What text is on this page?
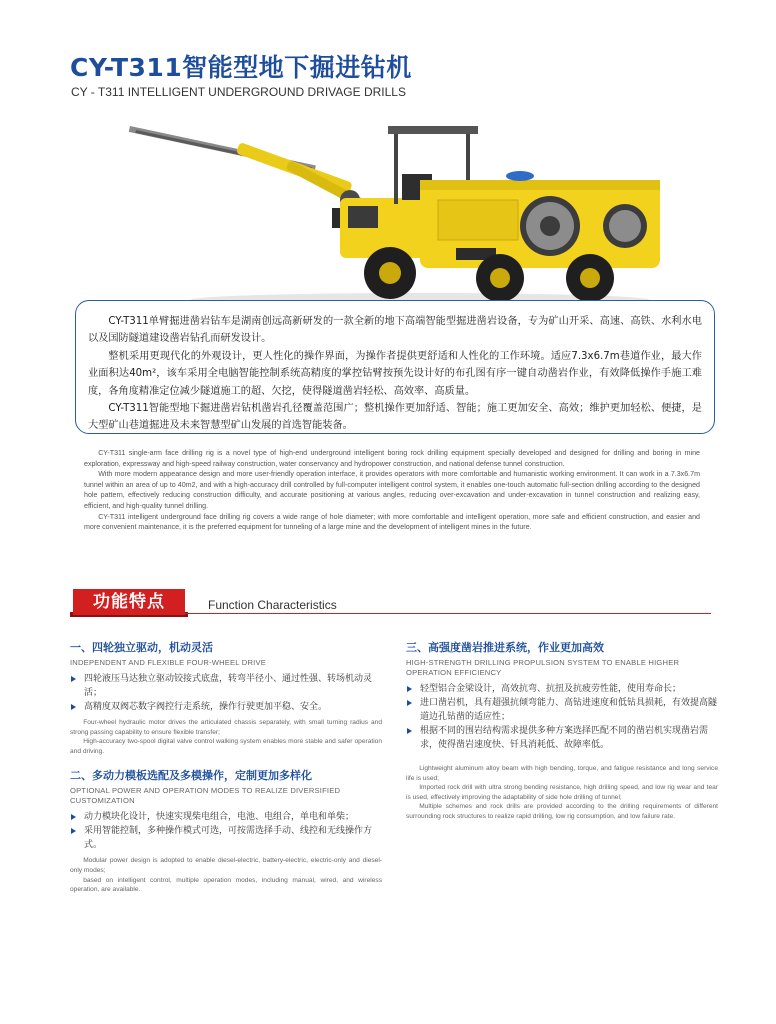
CY-T311智能型地下掘进钻机
CY - T311 INTELLIGENT UNDERGROUND DRIVAGE DRILLS

CY-T311单臂掘进凿岩钻车是湖南创远高新研发的一款全新的地下高端智能型掘进凿岩设备，专为矿山开采、高速、高铁、水利水电以及国防隧道建设凿岩钻孔而研发设计。

整机采用更现代化的外观设计，更人性化的操作界面，为操作者提供更舒适和人性化的工作环境。适应7.3x6.7m巷道作业，最大作业面积达40m²，该车采用全电脑智能控制系统高精度的掌控钻臂按预先设计好的布孔图有序一键自动凿岩作业，有效降低操作手施工难度，各角度精准定位减少隧道施工的超、欠挖，使得隧道凿岩轻松、高效率、高质量。

CY-T311智能型地下掘进凿岩钻机凿岩孔径覆盖范围广；整机操作更加舒适、智能；施工更加安全、高效；维护更加轻松、便捷，是大型矿山巷道掘进及未来智慧型矿山发展的首选智能装备。

CY-T311 single-arm face drilling rig is a novel type of high-end underground intelligent boring rock drilling equipment specially developed and designed for drilling and boring in mine exploration, expressway and high-speed railway construction, water conservancy and hydropower construction, and national defense tunnel construction.

With more modern appearance design and more user-friendly operation interface, it provides operators with more comfortable and humanistic working environment. It can work in a 7.3x6.7m tunnel within an area of up to 40m2, and with a high-accuracy drill controlled by full-computer intelligent control system, it enables one-touch automatic full-section drilling according to the designed hole pattern, effectively reducing construction difficulty, and accurate positioning at various angles, reducing over-excavation and under-excavation in tunnel construction and realizing easy, efficient, and high-quality tunnel drilling.

CY-T311 intelligent underground face drilling rig covers a wide range of hole diameter; with more comfortable and intelligent operation, more safe and efficient construction, and easier and more convenient maintenance, it is the preferred equipment for tunneling of a large mine and the development of intelligent mines in the future.

功能特点	Function Characteristics
一、四轮独立驱动，机动灵活
INDEPENDENT AND FLEXIBLE FOUR-WHEEL DRIVE
四轮液压马达独立驱动铰接式底盘，转弯半径小、通过性强、转场机动灵活；
高精度双阀芯数字阀控行走系统，操作行驶更加平稳、安全。

Four-wheel hydraulic motor drives the articulated chassis separately, with small turning radius and strong passing capability to ensure flexible transfer;

High-accuracy two-spool digital valve control walking system enables more stable and safer operation and driving.

二、多动力模板选配及多模操作，定制更加多样化
OPTIONAL POWER AND OPERATION MODES TO REALIZE DIVERSIFIED CUSTOMIZATION
动力模块化设计，快速实现柴电组合，电池、电组合，单电和单柴；
采用智能控制，多种操作模式可选，可按需选择手动、线控和无线操作方式。

Modular power design is adopted to enable diesel-electric, battery-electric, electric-only and diesel-only modes;

based on intelligent control, multiple operation modes, including manual, wired, and wireless operation, are available.

三、高强度凿岩推进系统，作业更加高效
HIGH-STRENGTH DRILLING PROPULSION SYSTEM TO ENABLE HIGHER OPERATION EFFICIENCY
轻型铝合金梁设计，高效抗弯、抗扭及抗疲劳性能，使用寿命长；
进口凿岩机，具有超强抗倾弯能力、高钻进速度和低钻具损耗，有效提高隧道边孔钻凿的适应性；
根据不同的围岩结构需求提供多种方案选择匹配不同的凿岩机实现凿岩需求，使得凿岩速度快、钎具消耗低、故障率低。

Lightweight aluminum alloy beam with high bending, torque, and fatigue resistance and long service life is used;

Imported rock drill with ultra strong bending resistance, high drilling speed, and low rig wear and tear is used, effectively improving the adaptability of side hole drilling of tunnel;

Multiple schemes and rock drills are provided according to the drilling requirements of different surrounding rock structures to realize rapid drilling, low rig consumption, and low failure rate.
